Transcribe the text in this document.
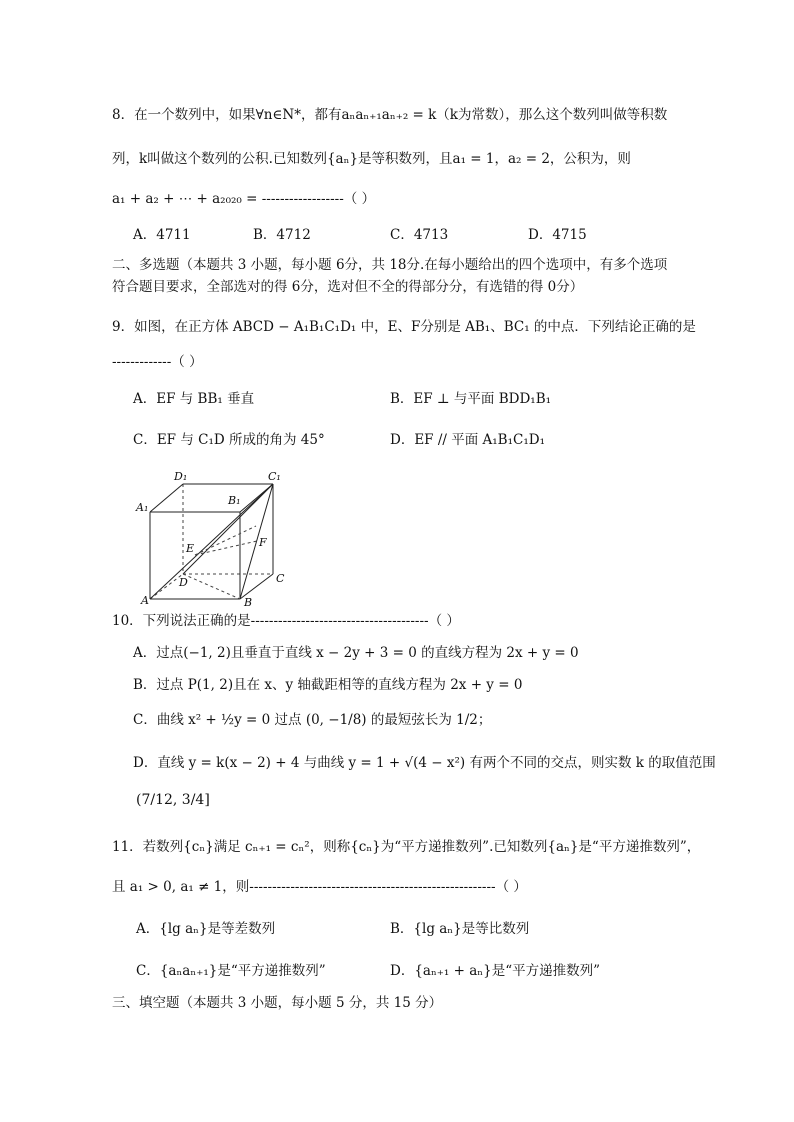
8．在一个数列中，如果∀n∈N*，都有aₙaₙ₊₁aₙ₊₂ = k（k为常数），那么这个数列叫做等积数
列，k叫做这个数列的公积.已知数列{aₙ}是等积数列，且a₁ = 1，a₂ = 2，公积为，则
a₁ + a₂ + ⋯ + a₂₀₂₀ = ------------------（ ）
A．4711	B．4712	C．4713	D．4715
二、多选题（本题共 3 小题，每小题 6分，共 18分.在每小题给出的四个选项中，有多个选项
符合题目要求，全部选对的得 6分，选对但不全的得部分分，有选错的得 0分）
9．如图，在正方体 ABCD − A₁B₁C₁D₁ 中，E、F分别是 AB₁、BC₁ 的中点．下列结论正确的是
-------------（ ）
A．EF 与 BB₁ 垂直	B．EF ⊥ 与平面 BDD₁B₁
C．EF 与 C₁D 所成的角为 45°	D．EF // 平面 A₁B₁C₁D₁
D₁	C₁
A₁
B₁
E	F
D	C
A	B
10．下列说法正确的是---------------------------------------（ ）
A．过点(−1, 2)且垂直于直线 x − 2y + 3 = 0 的直线方程为 2x + y = 0
B．过点 P(1, 2)且在 x、y 轴截距相等的直线方程为 2x + y = 0
C．曲线 x² + ½y = 0 过点 (0, −1/8) 的最短弦长为 1/2；
D．直线 y = k(x − 2) + 4 与曲线 y = 1 + √(4 − x²) 有两个不同的交点，则实数 k 的取值范围
(7/12, 3/4]
11．若数列{cₙ}满足 cₙ₊₁ = cₙ²，则称{cₙ}为“平方递推数列”.已知数列{aₙ}是“平方递推数列”，
且 a₁ > 0, a₁ ≠ 1，则------------------------------------------------------（ ）
A．{lg aₙ}是等差数列	B．{lg aₙ}是等比数列
C．{aₙaₙ₊₁}是“平方递推数列”	D．{aₙ₊₁ + aₙ}是“平方递推数列”
三、填空题（本题共 3 小题，每小题 5 分，共 15 分）
